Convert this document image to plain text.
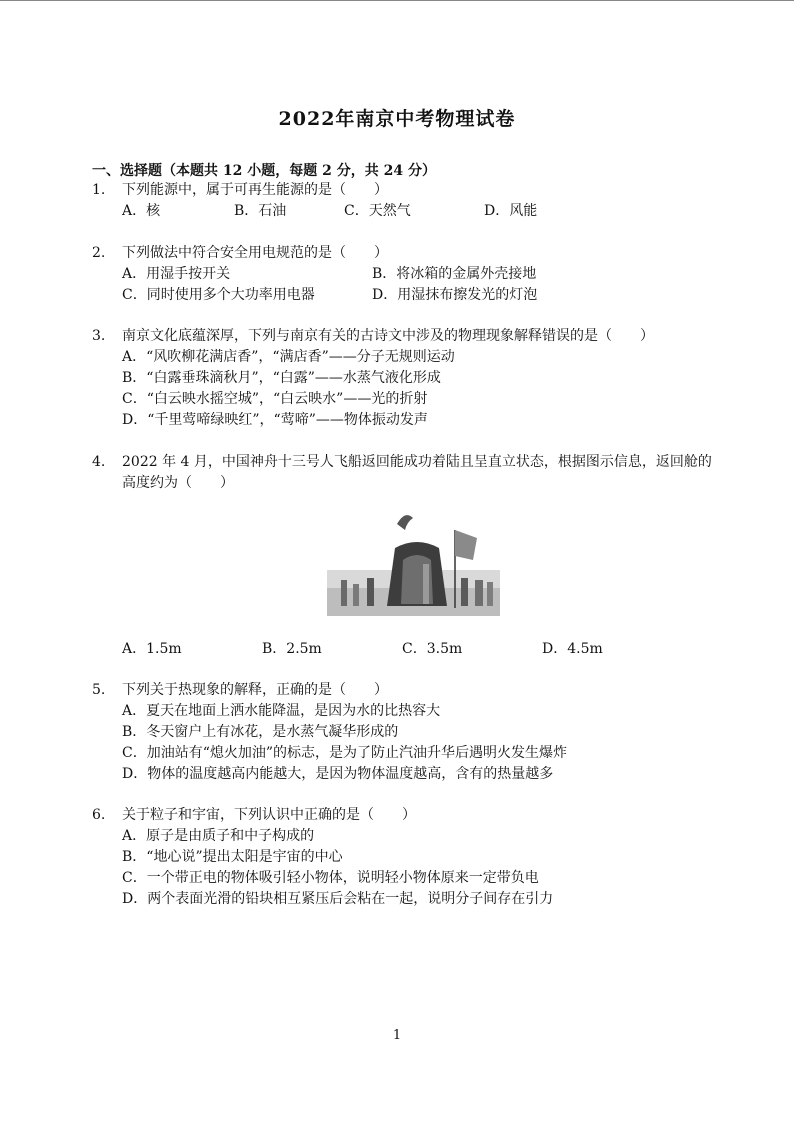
2022年南京中考物理试卷
一、选择题（本题共 12 小题，每题 2 分，共 24 分）
1.	下列能源中，属于可再生能源的是（　　）
A．核	B．石油	C．天然气	D．风能
2.	下列做法中符合安全用电规范的是（　　）
A．用湿手按开关	B．将冰箱的金属外壳接地
C．同时使用多个大功率用电器	D．用湿抹布擦发光的灯泡
3.	南京文化底蕴深厚，下列与南京有关的古诗文中涉及的物理现象解释错误的是（　　）
A．“风吹柳花满店香”，“满店香”——分子无规则运动
B．“白露垂珠滴秋月”，“白露”——水蒸气液化形成
C．“白云映水摇空城”，“白云映水”——光的折射
D．“千里莺啼绿映红”，“莺啼”——物体振动发声
4.	2022 年 4 月，中国神舟十三号人飞船返回能成功着陆且呈直立状态，根据图示信息，返回舱的高度约为（　　）
A．1.5m	B．2.5m	C．3.5m	D．4.5m
5.	下列关于热现象的解释，正确的是（　　）
A．夏天在地面上洒水能降温，是因为水的比热容大
B．冬天窗户上有冰花，是水蒸气凝华形成的
C．加油站有“熄火加油”的标志，是为了防止汽油升华后遇明火发生爆炸
D．物体的温度越高内能越大，是因为物体温度越高，含有的热量越多
6.	关于粒子和宇宙，下列认识中正确的是（　　）
A．原子是由质子和中子构成的
B．“地心说”提出太阳是宇宙的中心
C．一个带正电的物体吸引轻小物体，说明轻小物体原来一定带负电
D．两个表面光滑的铅块相互紧压后会粘在一起，说明分子间存在引力
1
